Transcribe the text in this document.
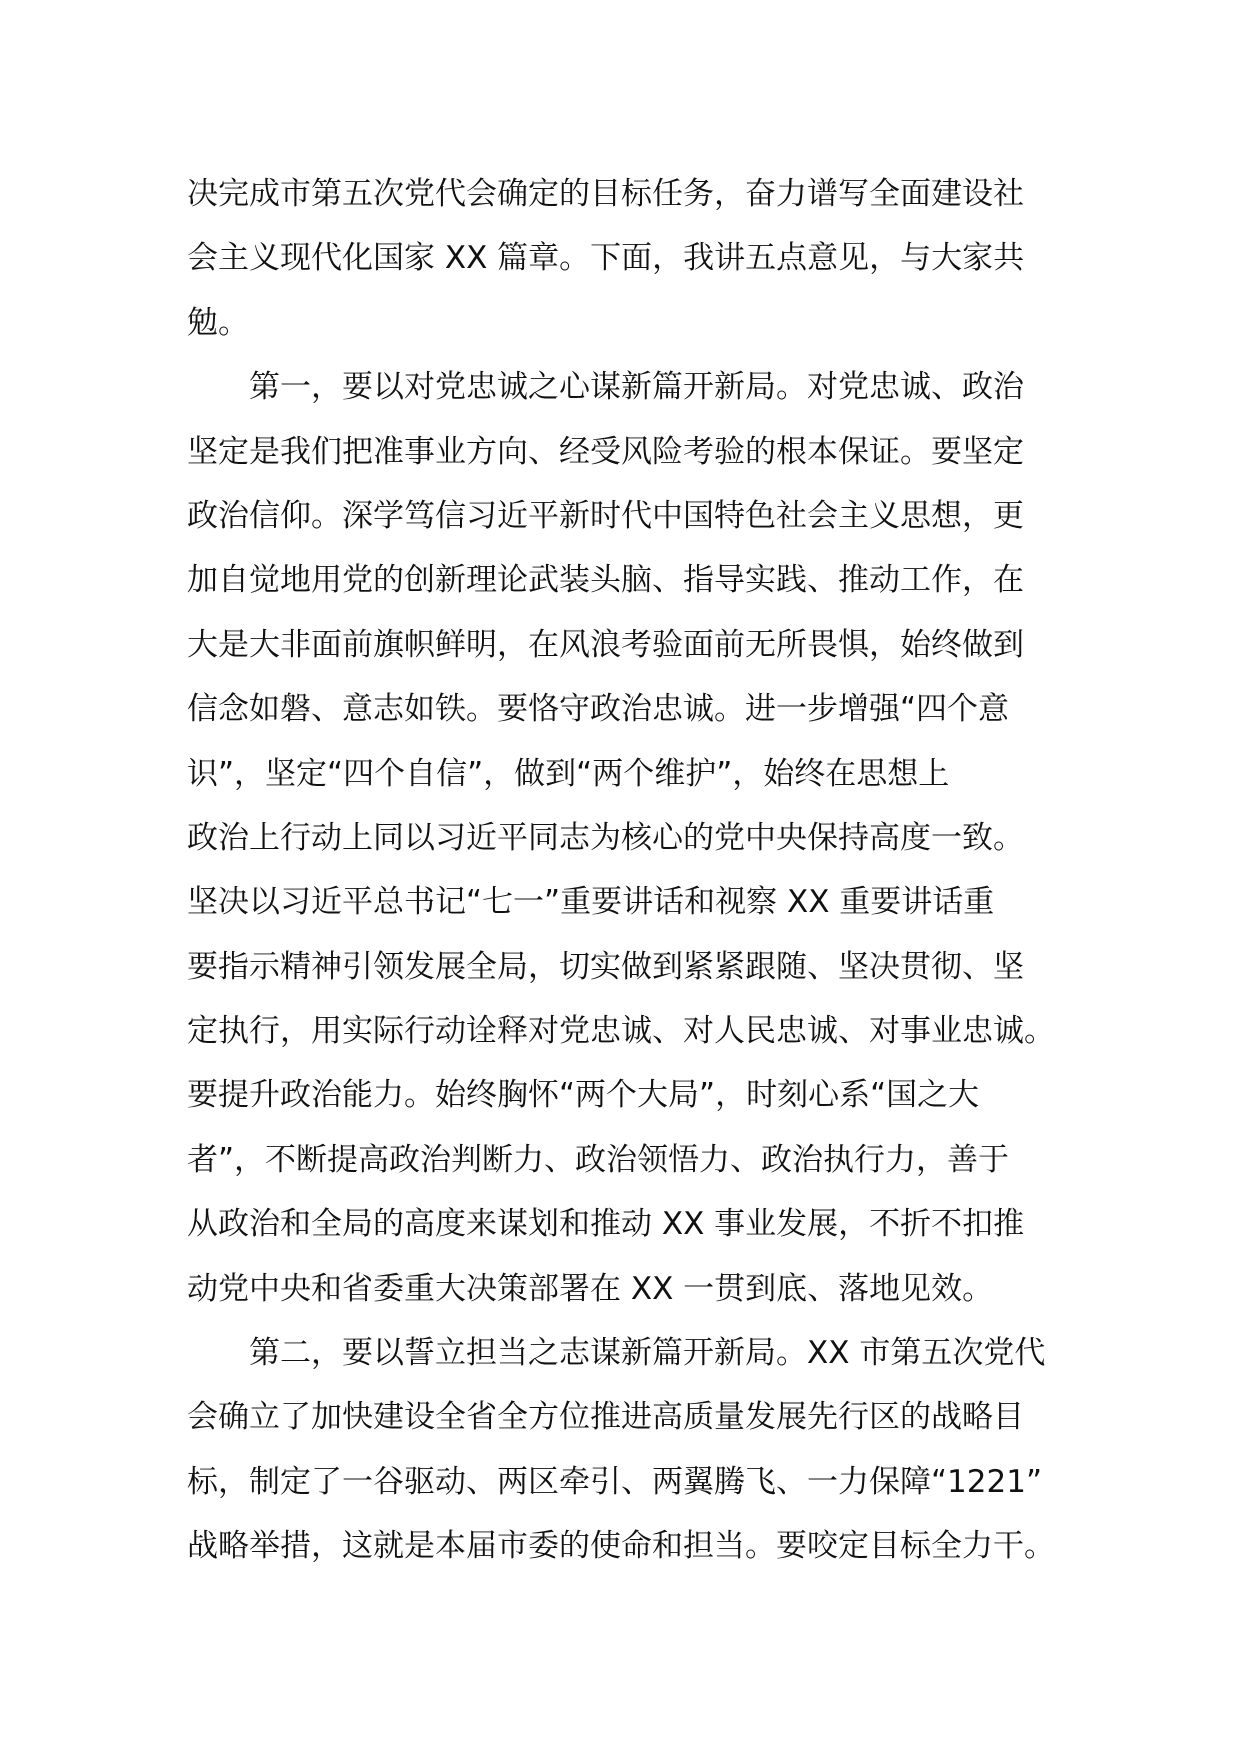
决完成市第五次党代会确定的目标任务，奋力谱写全面建设社
会主义现代化国家 XX 篇章。下面，我讲五点意见，与大家共
勉。
第一，要以对党忠诚之心谋新篇开新局。对党忠诚、政治
坚定是我们把准事业方向、经受风险考验的根本保证。要坚定
政治信仰。深学笃信习近平新时代中国特色社会主义思想，更
加自觉地用党的创新理论武装头脑、指导实践、推动工作，在
大是大非面前旗帜鲜明，在风浪考验面前无所畏惧，始终做到
信念如磐、意志如铁。要恪守政治忠诚。进一步增强“四个意
识”，坚定“四个自信”，做到“两个维护”，始终在思想上
政治上行动上同以习近平同志为核心的党中央保持高度一致。
坚决以习近平总书记“七一”重要讲话和视察 XX 重要讲话重
要指示精神引领发展全局，切实做到紧紧跟随、坚决贯彻、坚
定执行，用实际行动诠释对党忠诚、对人民忠诚、对事业忠诚。
要提升政治能力。始终胸怀“两个大局”，时刻心系“国之大
者”，不断提高政治判断力、政治领悟力、政治执行力，善于
从政治和全局的高度来谋划和推动 XX 事业发展，不折不扣推
动党中央和省委重大决策部署在 XX 一贯到底、落地见效。
第二，要以誓立担当之志谋新篇开新局。XX 市第五次党代
会确立了加快建设全省全方位推进高质量发展先行区的战略目
标，制定了一谷驱动、两区牵引、两翼腾飞、一力保障“1221”
战略举措，这就是本届市委的使命和担当。要咬定目标全力干。
